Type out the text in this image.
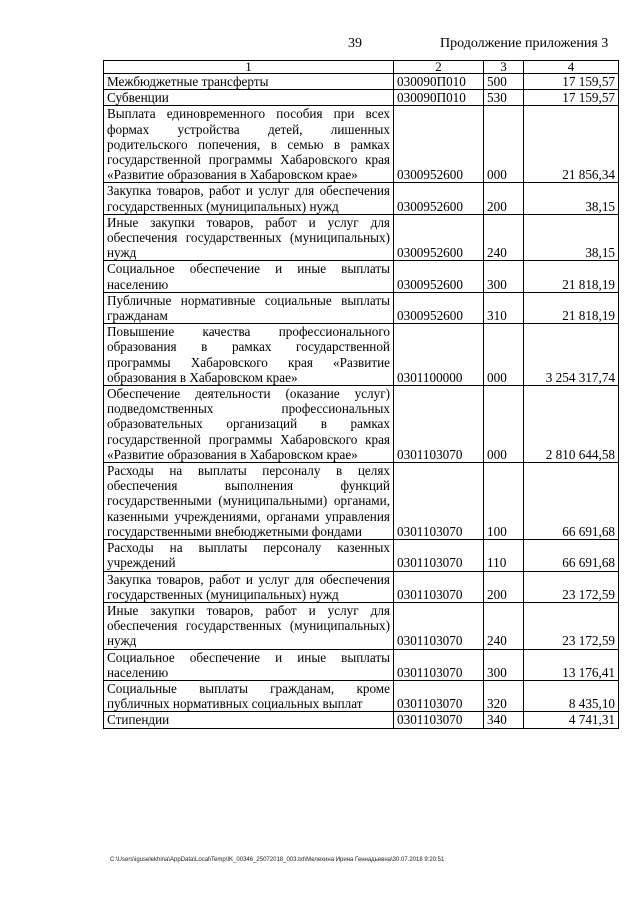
39	Продолжение приложения 3
1	2	3	4
Межбюджетные трансферты	030090П010	500	17 159,57
Субвенции	030090П010	530	17 159,57
Выплата единовременного пособия при всех формах устройства детей, лишенных родительского попечения, в семью в рамках государственной программы Хабаровского края «Развитие образования в Хабаровском крае»	0300952600	000	21 856,34
Закупка товаров, работ и услуг для обеспечения государственных (муниципальных) нужд	0300952600	200	38,15
Иные закупки товаров, работ и услуг для обеспечения государственных (муниципальных) нужд	0300952600	240	38,15
Социальное обеспечение и иные выплаты населению	0300952600	300	21 818,19
Публичные нормативные социальные выплаты гражданам	0300952600	310	21 818,19
Повышение качества профессионального образования в рамках государственной программы Хабаровского края «Развитие образования в Хабаровском крае»	0301100000	000	3 254 317,74
Обеспечение деятельности (оказание услуг) подведомственных профессиональных образовательных организаций в рамках государственной программы Хабаровского края «Развитие образования в Хабаровском крае»	0301103070	000	2 810 644,58
Расходы на выплаты персоналу в целях обеспечения выполнения функций государственными (муниципальными) органами, казенными учреждениями, органами управления государственными внебюджетными фондами	0301103070	100	66 691,68
Расходы на выплаты персоналу казенных учреждений	0301103070	110	66 691,68
Закупка товаров, работ и услуг для обеспечения государственных (муниципальных) нужд	0301103070	200	23 172,59
Иные закупки товаров, работ и услуг для обеспечения государственных (муниципальных) нужд	0301103070	240	23 172,59
Социальное обеспечение и иные выплаты населению	0301103070	300	13 176,41
Социальные выплаты гражданам, кроме публичных нормативных социальных выплат	0301103070	320	8 435,10
Стипендии	0301103070	340	4 741,31
C:\Users\iguselekhina\AppData\Local\Temp\IK_00346_25072018_003.txt\Мелехина Ирина Геннадьевна\30.07.2018 9:20:51
